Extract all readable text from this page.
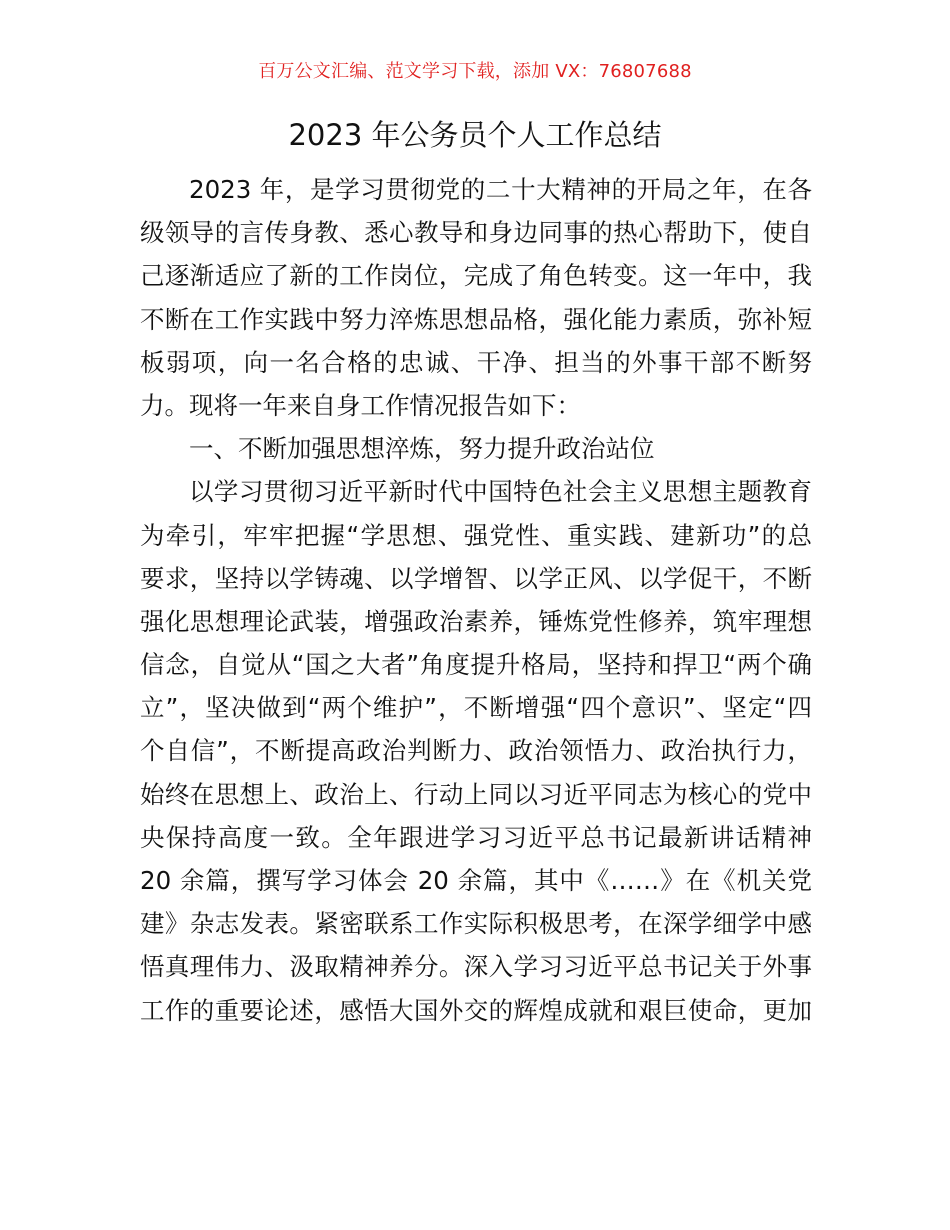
百万公文汇编、范文学习下载，添加 VX：76807688
2023 年公务员个人工作总结
2023 年，是学习贯彻党的二十大精神的开局之年，在各
级领导的言传身教、悉心教导和身边同事的热心帮助下，使自
己逐渐适应了新的工作岗位，完成了角色转变。这一年中，我
不断在工作实践中努力淬炼思想品格，强化能力素质，弥补短
板弱项，向一名合格的忠诚、干净、担当的外事干部不断努
力。现将一年来自身工作情况报告如下：
一、不断加强思想淬炼，努力提升政治站位
以学习贯彻习近平新时代中国特色社会主义思想主题教育
为牵引，牢牢把握“学思想、强党性、重实践、建新功”的总
要求，坚持以学铸魂、以学增智、以学正风、以学促干，不断
强化思想理论武装，增强政治素养，锤炼党性修养，筑牢理想
信念，自觉从“国之大者”角度提升格局，坚持和捍卫“两个确
立”，坚决做到“两个维护”，不断增强“四个意识”、坚定“四
个自信”，不断提高政治判断力、政治领悟力、政治执行力，
始终在思想上、政治上、行动上同以习近平同志为核心的党中
央保持高度一致。全年跟进学习习近平总书记最新讲话精神
20 余篇，撰写学习体会 20 余篇，其中《……》在《机关党
建》杂志发表。紧密联系工作实际积极思考，在深学细学中感
悟真理伟力、汲取精神养分。深入学习习近平总书记关于外事
工作的重要论述，感悟大国外交的辉煌成就和艰巨使命，更加
